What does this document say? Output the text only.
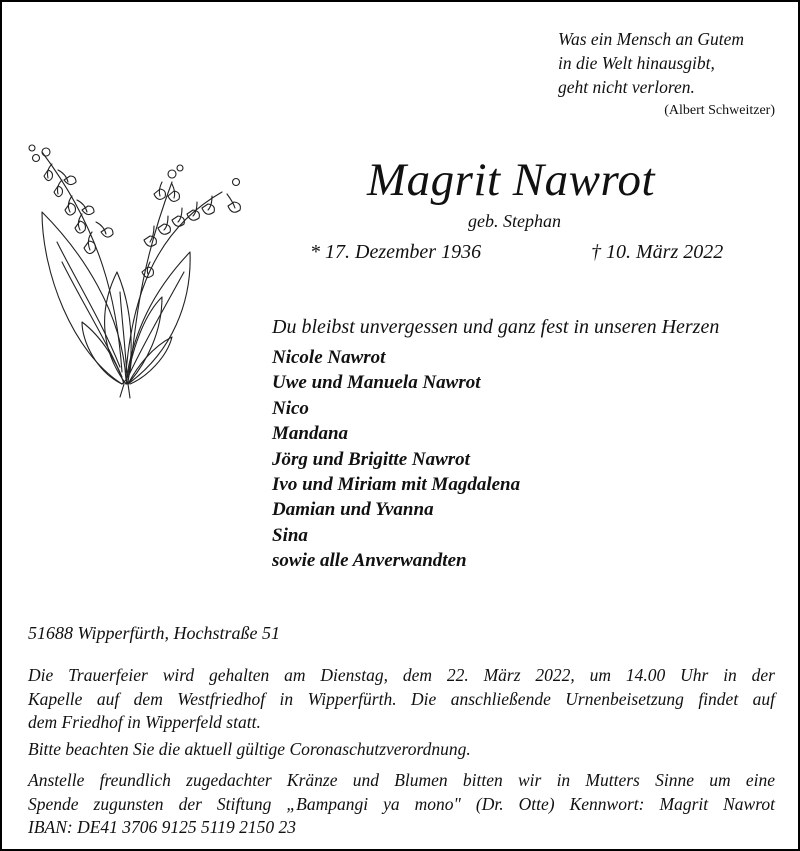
Was ein Mensch an Gutem
in die Welt hinausgibt,
geht nicht verloren.
(Albert Schweitzer)
Magrit Nawrot
geb. Stephan
* 17. Dezember 1936	† 10. März 2022
Du bleibst unvergessen und ganz fest in unseren Herzen
Nicole Nawrot
Uwe und Manuela Nawrot
Nico
Mandana
Jörg und Brigitte Nawrot
Ivo und Miriam mit Magdalena
Damian und Yvanna
Sina
sowie alle Anverwandten
51688 Wipperfürth, Hochstraße 51
Die Trauerfeier wird gehalten am Dienstag, dem 22. März 2022, um 14.00 Uhr in der
Kapelle auf dem Westfriedhof in Wipperfürth. Die anschließende Urnenbeisetzung findet auf
dem Friedhof in Wipperfeld statt.
Bitte beachten Sie die aktuell gültige Coronaschutzverordnung.
Anstelle freundlich zugedachter Kränze und Blumen bitten wir in Mutters Sinne um eine
Spende zugunsten der Stiftung „Bampangi ya mono" (Dr. Otte) Kennwort: Magrit Nawrot
IBAN: DE41 3706 9125 5119 2150 23
